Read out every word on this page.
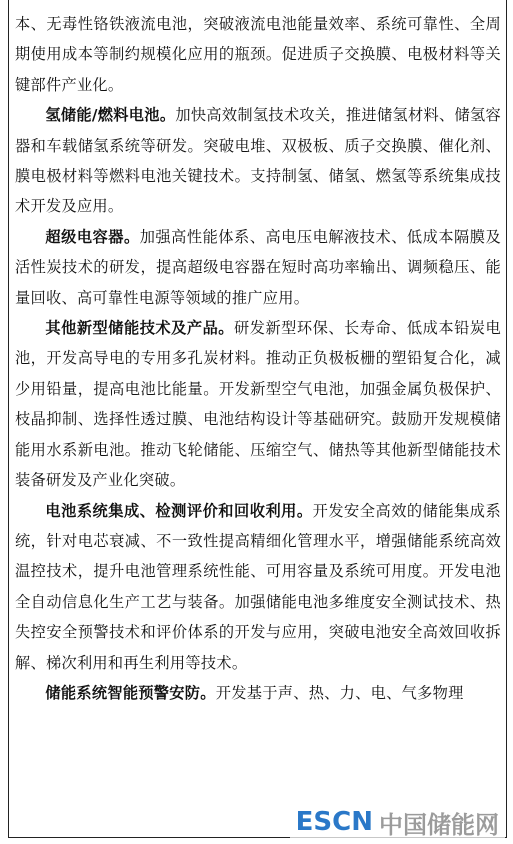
本、无毒性铬铁液流电池，突破液流电池能量效率、系统可靠性、全周期使用成本等制约规模化应用的瓶颈。促进质子交换膜、电极材料等关键部件产业化。

氢储能/燃料电池。加快高效制氢技术攻关，推进储氢材料、储氢容器和车载储氢系统等研发。突破电堆、双极板、质子交换膜、催化剂、膜电极材料等燃料电池关键技术。支持制氢、储氢、燃氢等系统集成技术开发及应用。

超级电容器。加强高性能体系、高电压电解液技术、低成本隔膜及活性炭技术的研发，提高超级电容器在短时高功率输出、调频稳压、能量回收、高可靠性电源等领域的推广应用。

其他新型储能技术及产品。研发新型环保、长寿命、低成本铅炭电池，开发高导电的专用多孔炭材料。推动正负极板栅的塑铅复合化，减少用铅量，提高电池比能量。开发新型空气电池，加强金属负极保护、枝晶抑制、选择性透过膜、电池结构设计等基础研究。鼓励开发规模储能用水系新电池。推动飞轮储能、压缩空气、储热等其他新型储能技术装备研发及产业化突破。

电池系统集成、检测评价和回收利用。开发安全高效的储能集成系统，针对电芯衰减、不一致性提高精细化管理水平，增强储能系统高效温控技术，提升电池管理系统性能、可用容量及系统可用度。开发电池全自动信息化生产工艺与装备。加强储能电池多维度安全测试技术、热失控安全预警技术和评价体系的开发与应用，突破电池安全高效回收拆解、梯次利用和再生利用等技术。

储能系统智能预警安防。开发基于声、热、力、电、气多物理

ESCN 中国储能网
